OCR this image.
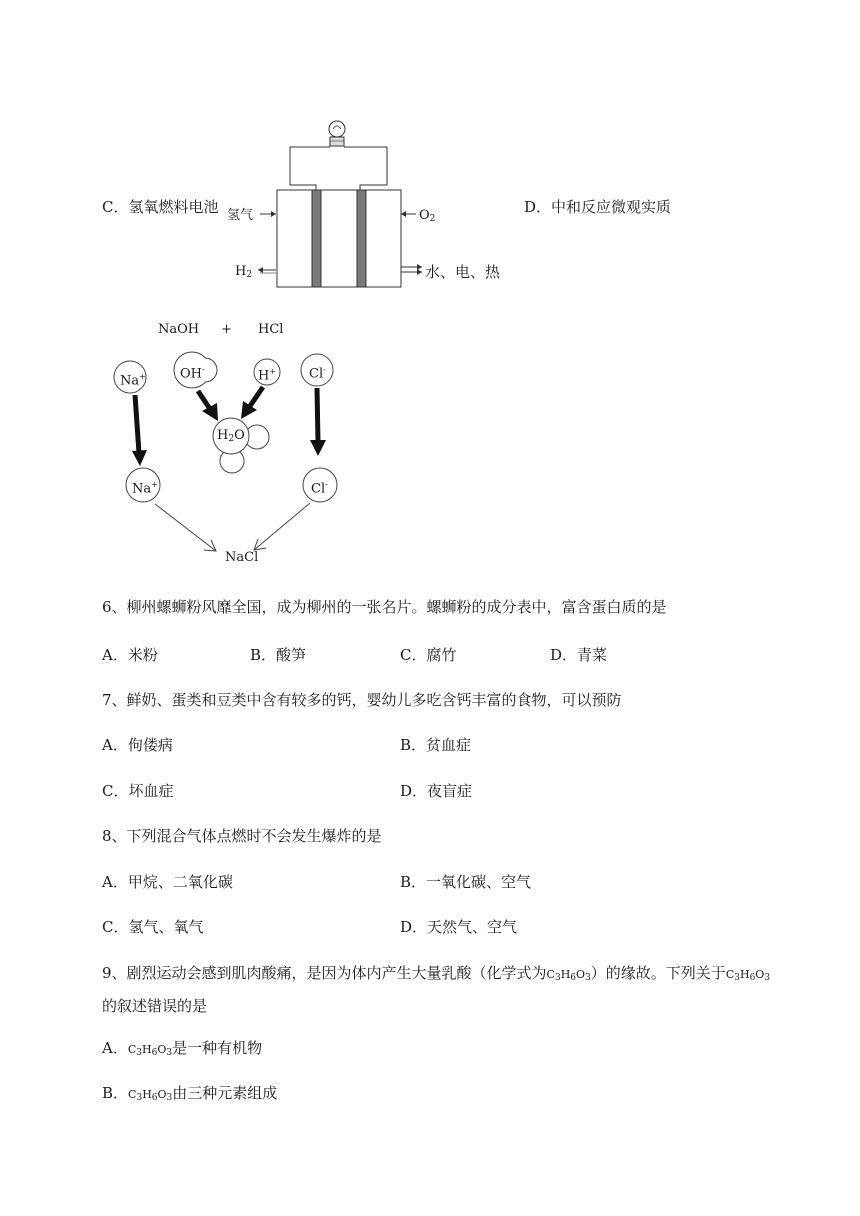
氢气
$H_2$
$O_2$
水、电、热
C．氢氧燃料电池	D．中和反应微观实质
NaOH + HCl
Na+	OH-	H+	Cl-
$H_2O$
Na+	Cl-
NaCl
6、柳州螺蛳粉风靡全国，成为柳州的一张名片。螺蛳粉的成分表中，富含蛋白质的是
A．米粉	B．酸笋	C．腐竹	D．青菜
7、鲜奶、蛋类和豆类中含有较多的钙，婴幼儿多吃含钙丰富的食物，可以预防
A．佝偻病	B．贫血症
C．坏血症	D．夜盲症
8、下列混合气体点燃时不会发生爆炸的是
A．甲烷、二氧化碳	B．一氧化碳、空气
C．氢气、氧气	D．天然气、空气
9、剧烈运动会感到肌肉酸痛，是因为体内产生大量乳酸（化学式为$C_3H_6O_3$）的缘故。下列关于$C_3H_6O_3$
的叙述错误的是
A．$C_3H_6O_3$是一种有机物
B．$C_3H_6O_3$由三种元素组成
